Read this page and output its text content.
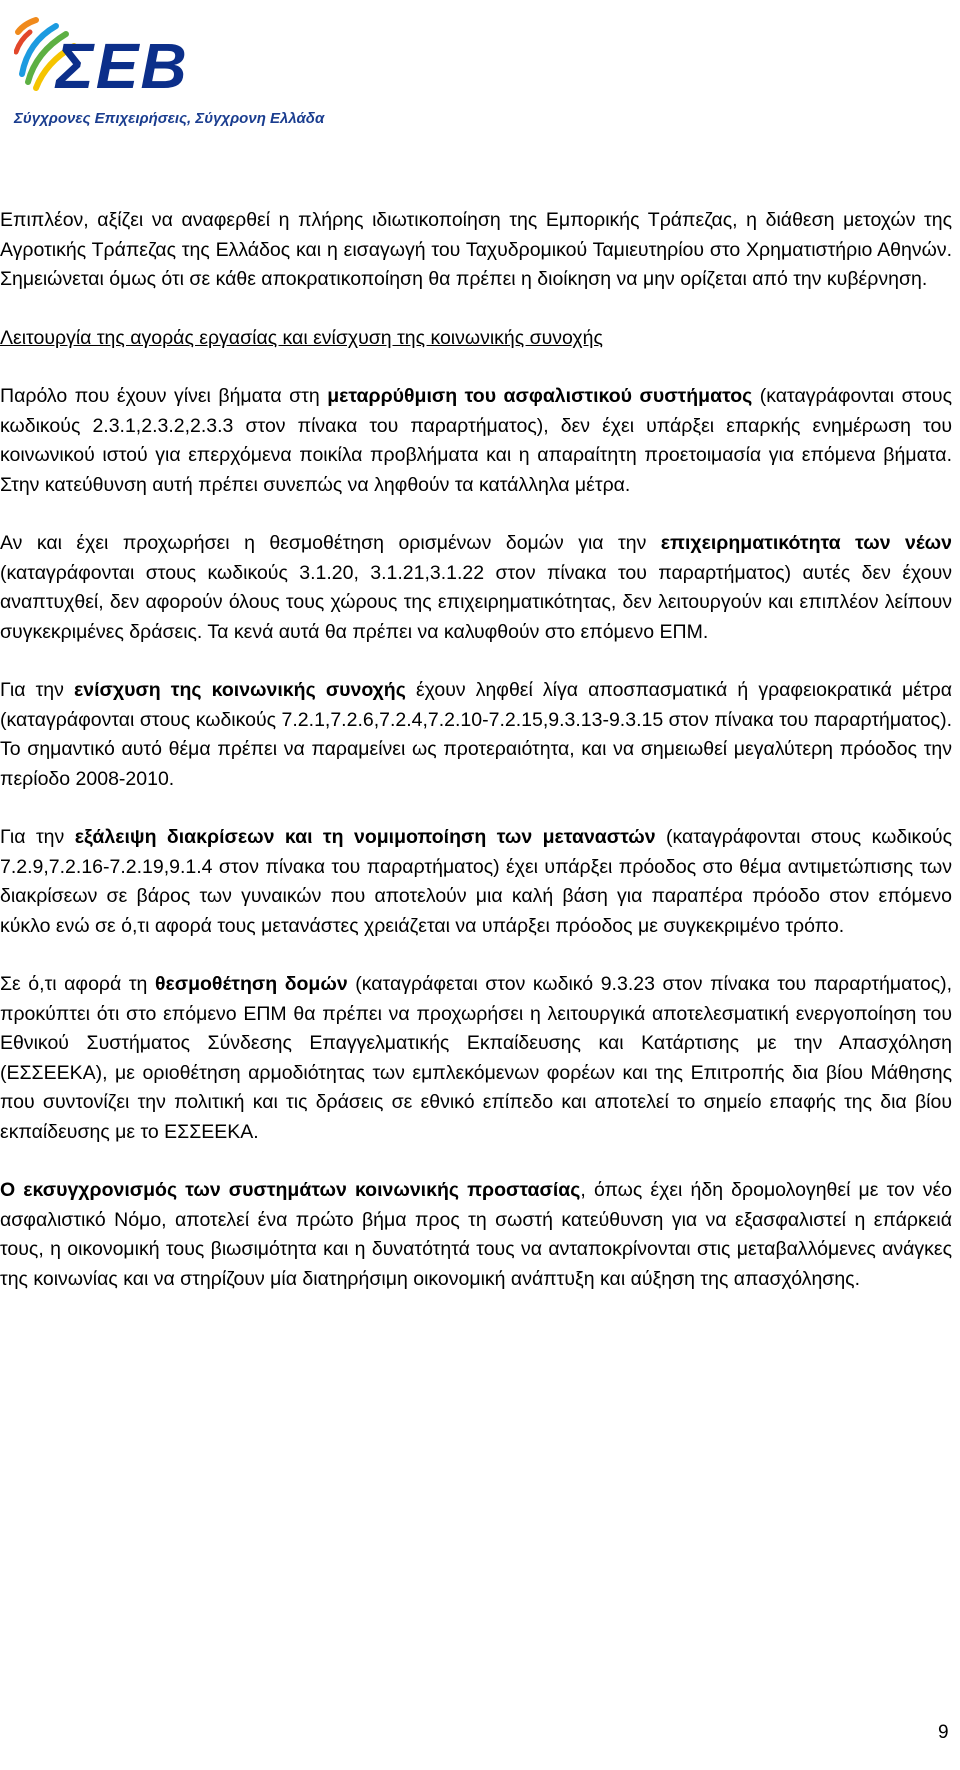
ΣΕΒ
Σύγχρονες Επιχειρήσεις, Σύγχρονη Ελλάδα

Επιπλέον, αξίζει να αναφερθεί η πλήρης ιδιωτικοποίηση της Εμπορικής Τράπεζας, η διάθεση μετοχών της Αγροτικής Τράπεζας της Ελλάδος και η εισαγωγή του Ταχυδρομικού Ταμιευτηρίου στο Χρηματιστήριο Αθηνών. Σημειώνεται όμως ότι σε κάθε αποκρατικοποίηση θα πρέπει η διοίκηση να μην ορίζεται από την κυβέρνηση.

Λειτουργία της αγοράς εργασίας και ενίσχυση της κοινωνικής συνοχής

Παρόλο που έχουν γίνει βήματα στη μεταρρύθμιση του ασφαλιστικού συστήματος (καταγράφονται στους κωδικούς 2.3.1,2.3.2,2.3.3 στον πίνακα του παραρτήματος), δεν έχει υπάρξει επαρκής ενημέρωση του κοινωνικού ιστού για επερχόμενα ποικίλα προβλήματα και η απαραίτητη προετοιμασία για επόμενα βήματα. Στην κατεύθυνση αυτή πρέπει συνεπώς να ληφθούν τα κατάλληλα μέτρα.

Αν και έχει προχωρήσει η θεσμοθέτηση ορισμένων δομών για την επιχειρηματικότητα των νέων (καταγράφονται στους κωδικούς 3.1.20, 3.1.21,3.1.22 στον πίνακα του παραρτήματος) αυτές δεν έχουν αναπτυχθεί, δεν αφορούν όλους τους χώρους της επιχειρηματικότητας, δεν λειτουργούν και επιπλέον λείπουν συγκεκριμένες δράσεις. Τα κενά αυτά θα πρέπει να καλυφθούν στο επόμενο ΕΠΜ.

Για την ενίσχυση της κοινωνικής συνοχής έχουν ληφθεί λίγα αποσπασματικά ή γραφειοκρατικά μέτρα (καταγράφονται στους κωδικούς 7.2.1,7.2.6,7.2.4,7.2.10-7.2.15,9.3.13-9.3.15 στον πίνακα του παραρτήματος). Το σημαντικό αυτό θέμα πρέπει να παραμείνει ως προτεραιότητα, και να σημειωθεί μεγαλύτερη πρόοδος την περίοδο 2008-2010.

Για την εξάλειψη διακρίσεων και τη νομιμοποίηση των μεταναστών (καταγράφονται στους κωδικούς 7.2.9,7.2.16-7.2.19,9.1.4 στον πίνακα του παραρτήματος) έχει υπάρξει πρόοδος στο θέμα αντιμετώπισης των διακρίσεων σε βάρος των γυναικών που αποτελούν μια καλή βάση για παραπέρα πρόοδο στον επόμενο κύκλο ενώ σε ό,τι αφορά τους μετανάστες χρειάζεται να υπάρξει πρόοδος με συγκεκριμένο τρόπο.

Σε ό,τι αφορά τη θεσμοθέτηση δομών (καταγράφεται στον κωδικό 9.3.23 στον πίνακα του παραρτήματος), προκύπτει ότι στο επόμενο ΕΠΜ θα πρέπει να προχωρήσει η λειτουργικά αποτελεσματική ενεργοποίηση του Εθνικού Συστήματος Σύνδεσης Επαγγελματικής Εκπαίδευσης και Κατάρτισης με την Απασχόληση (ΕΣΣΕΕΚΑ), με οριοθέτηση αρμοδιότητας των εμπλεκόμενων φορέων και της Επιτροπής δια βίου Μάθησης που συντονίζει την πολιτική και τις δράσεις σε εθνικό επίπεδο και αποτελεί το σημείο επαφής της δια βίου εκπαίδευσης με το ΕΣΣΕΕΚΑ.

Ο εκσυγχρονισμός των συστημάτων κοινωνικής προστασίας, όπως έχει ήδη δρομολογηθεί με τον νέο ασφαλιστικό Νόμο, αποτελεί ένα πρώτο βήμα προς τη σωστή κατεύθυνση για να εξασφαλιστεί η επάρκειά τους, η οικονομική τους βιωσιμότητα και η δυνατότητά τους να ανταποκρίνονται στις μεταβαλλόμενες ανάγκες της κοινωνίας και να στηρίζουν μία διατηρήσιμη οικονομική ανάπτυξη και αύξηση της απασχόλησης.

9
